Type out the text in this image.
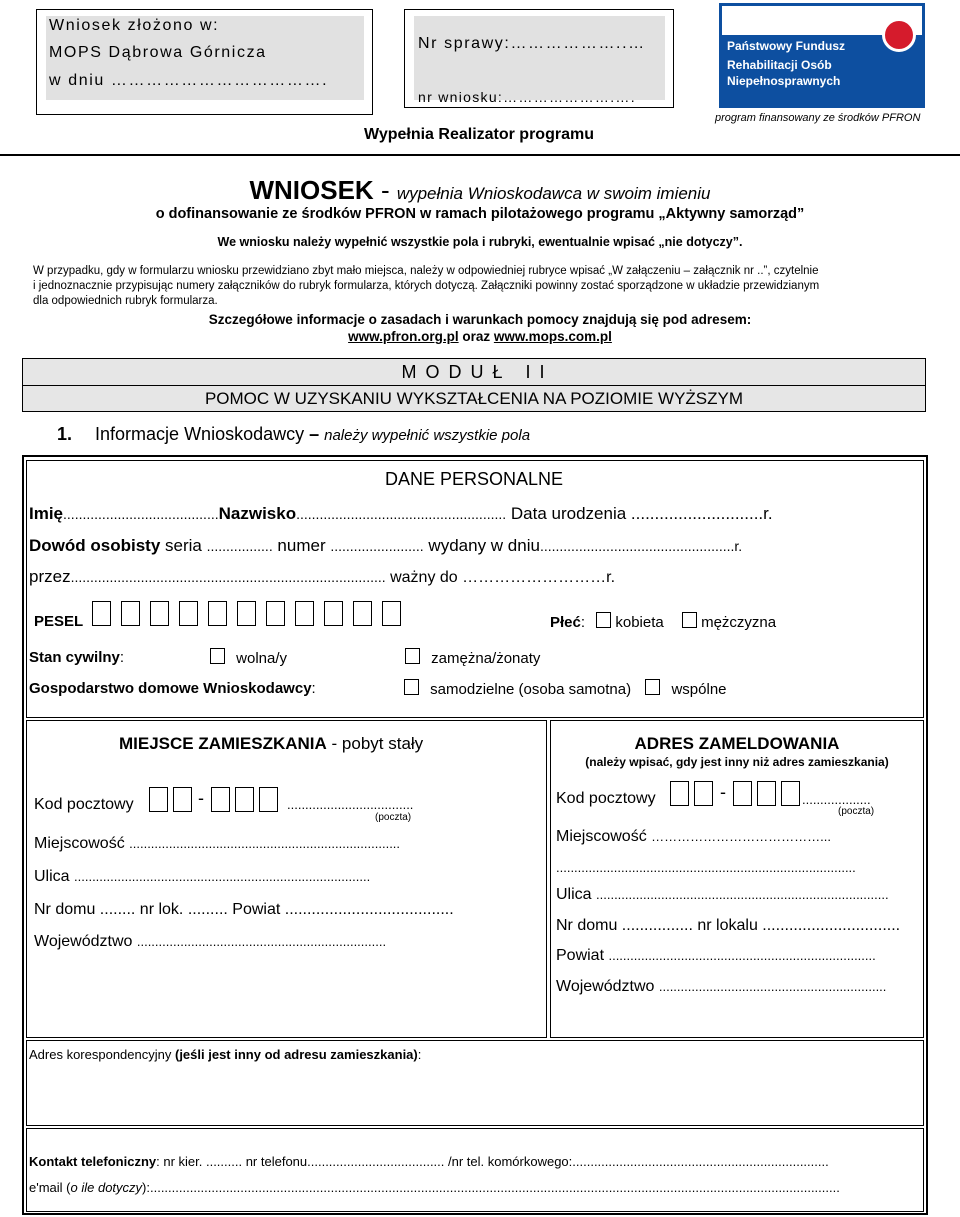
Wniosek złożono w:
MOPS Dąbrowa Górnicza
w dniu ……………………………….
Nr sprawy:………………..…
nr wniosku:………………….….
Wypełnia Realizator programu
Państwowy Fundusz
Rehabilitacji Osób
Niepełnosprawnych
program finansowany ze środków PFRON
WNIOSEK - wypełnia Wnioskodawca w swoim imieniu
o dofinansowanie ze środków PFRON w ramach pilotażowego programu „Aktywny samorząd”
We wniosku należy wypełnić wszystkie pola i rubryki, ewentualnie wpisać „nie dotyczy”.
W przypadku, gdy w formularzu wniosku przewidziano zbyt mało miejsca, należy w odpowiedniej rubryce wpisać „W załączeniu – załącznik nr ..”, czytelnie
i jednoznacznie przypisując numery załączników do rubryk formularza, których dotyczą. Załączniki powinny zostać sporządzone w układzie przewidzianym
dla odpowiednich rubryk formularza.
Szczegółowe informacje o zasadach i warunkach pomocy znajdują się pod adresem:
www.pfron.org.pl oraz www.mops.com.pl
M O D U Ł   I I
POMOC W UZYSKANIU WYKSZTAŁCENIA NA POZIOMIE WYŻSZYM
1. Informacje Wnioskodawcy – należy wypełnić wszystkie pola
DANE PERSONALNE
Imię........................................Nazwisko...................................................... Data urodzenia ............................r.
Dowód osobisty seria ................. numer ........................ wydany w dniu..................................................r.
przez................................................................................. ważny do ………………………r.
PESEL	Płeć: kobieta mężczyzna
Stan cywilny:	wolna/y	zamężna/żonaty
Gospodarstwo domowe Wnioskodawcy:	samodzielne (osoba samotna)	wspólne
MIEJSCE ZAMIESZKANIA - pobyt stały
Kod pocztowy	-	...................................
(poczta)
Miejscowość ...........................................................................
Ulica ..................................................................................
Nr domu ........ nr lok. ......... Powiat ......................................
Województwo .....................................................................
ADRES ZAMELDOWANIA
(należy wpisać, gdy jest inny niż adres zamieszkania)
Kod pocztowy	-	...................
(poczta)
Miejscowość …………………………………...
...................................................................................
Ulica .................................................................................
Nr domu ................ nr lokalu ...............................
Powiat ..........................................................................
Województwo ...............................................................
Adres korespondencyjny (jeśli jest inny od adresu zamieszkania):
Kontakt telefoniczny: nr kier. .......... nr telefonu...................................... /nr tel. komórkowego:.......................................................................
e'mail (o ile dotyczy):...............................................................................................................................................................................................
